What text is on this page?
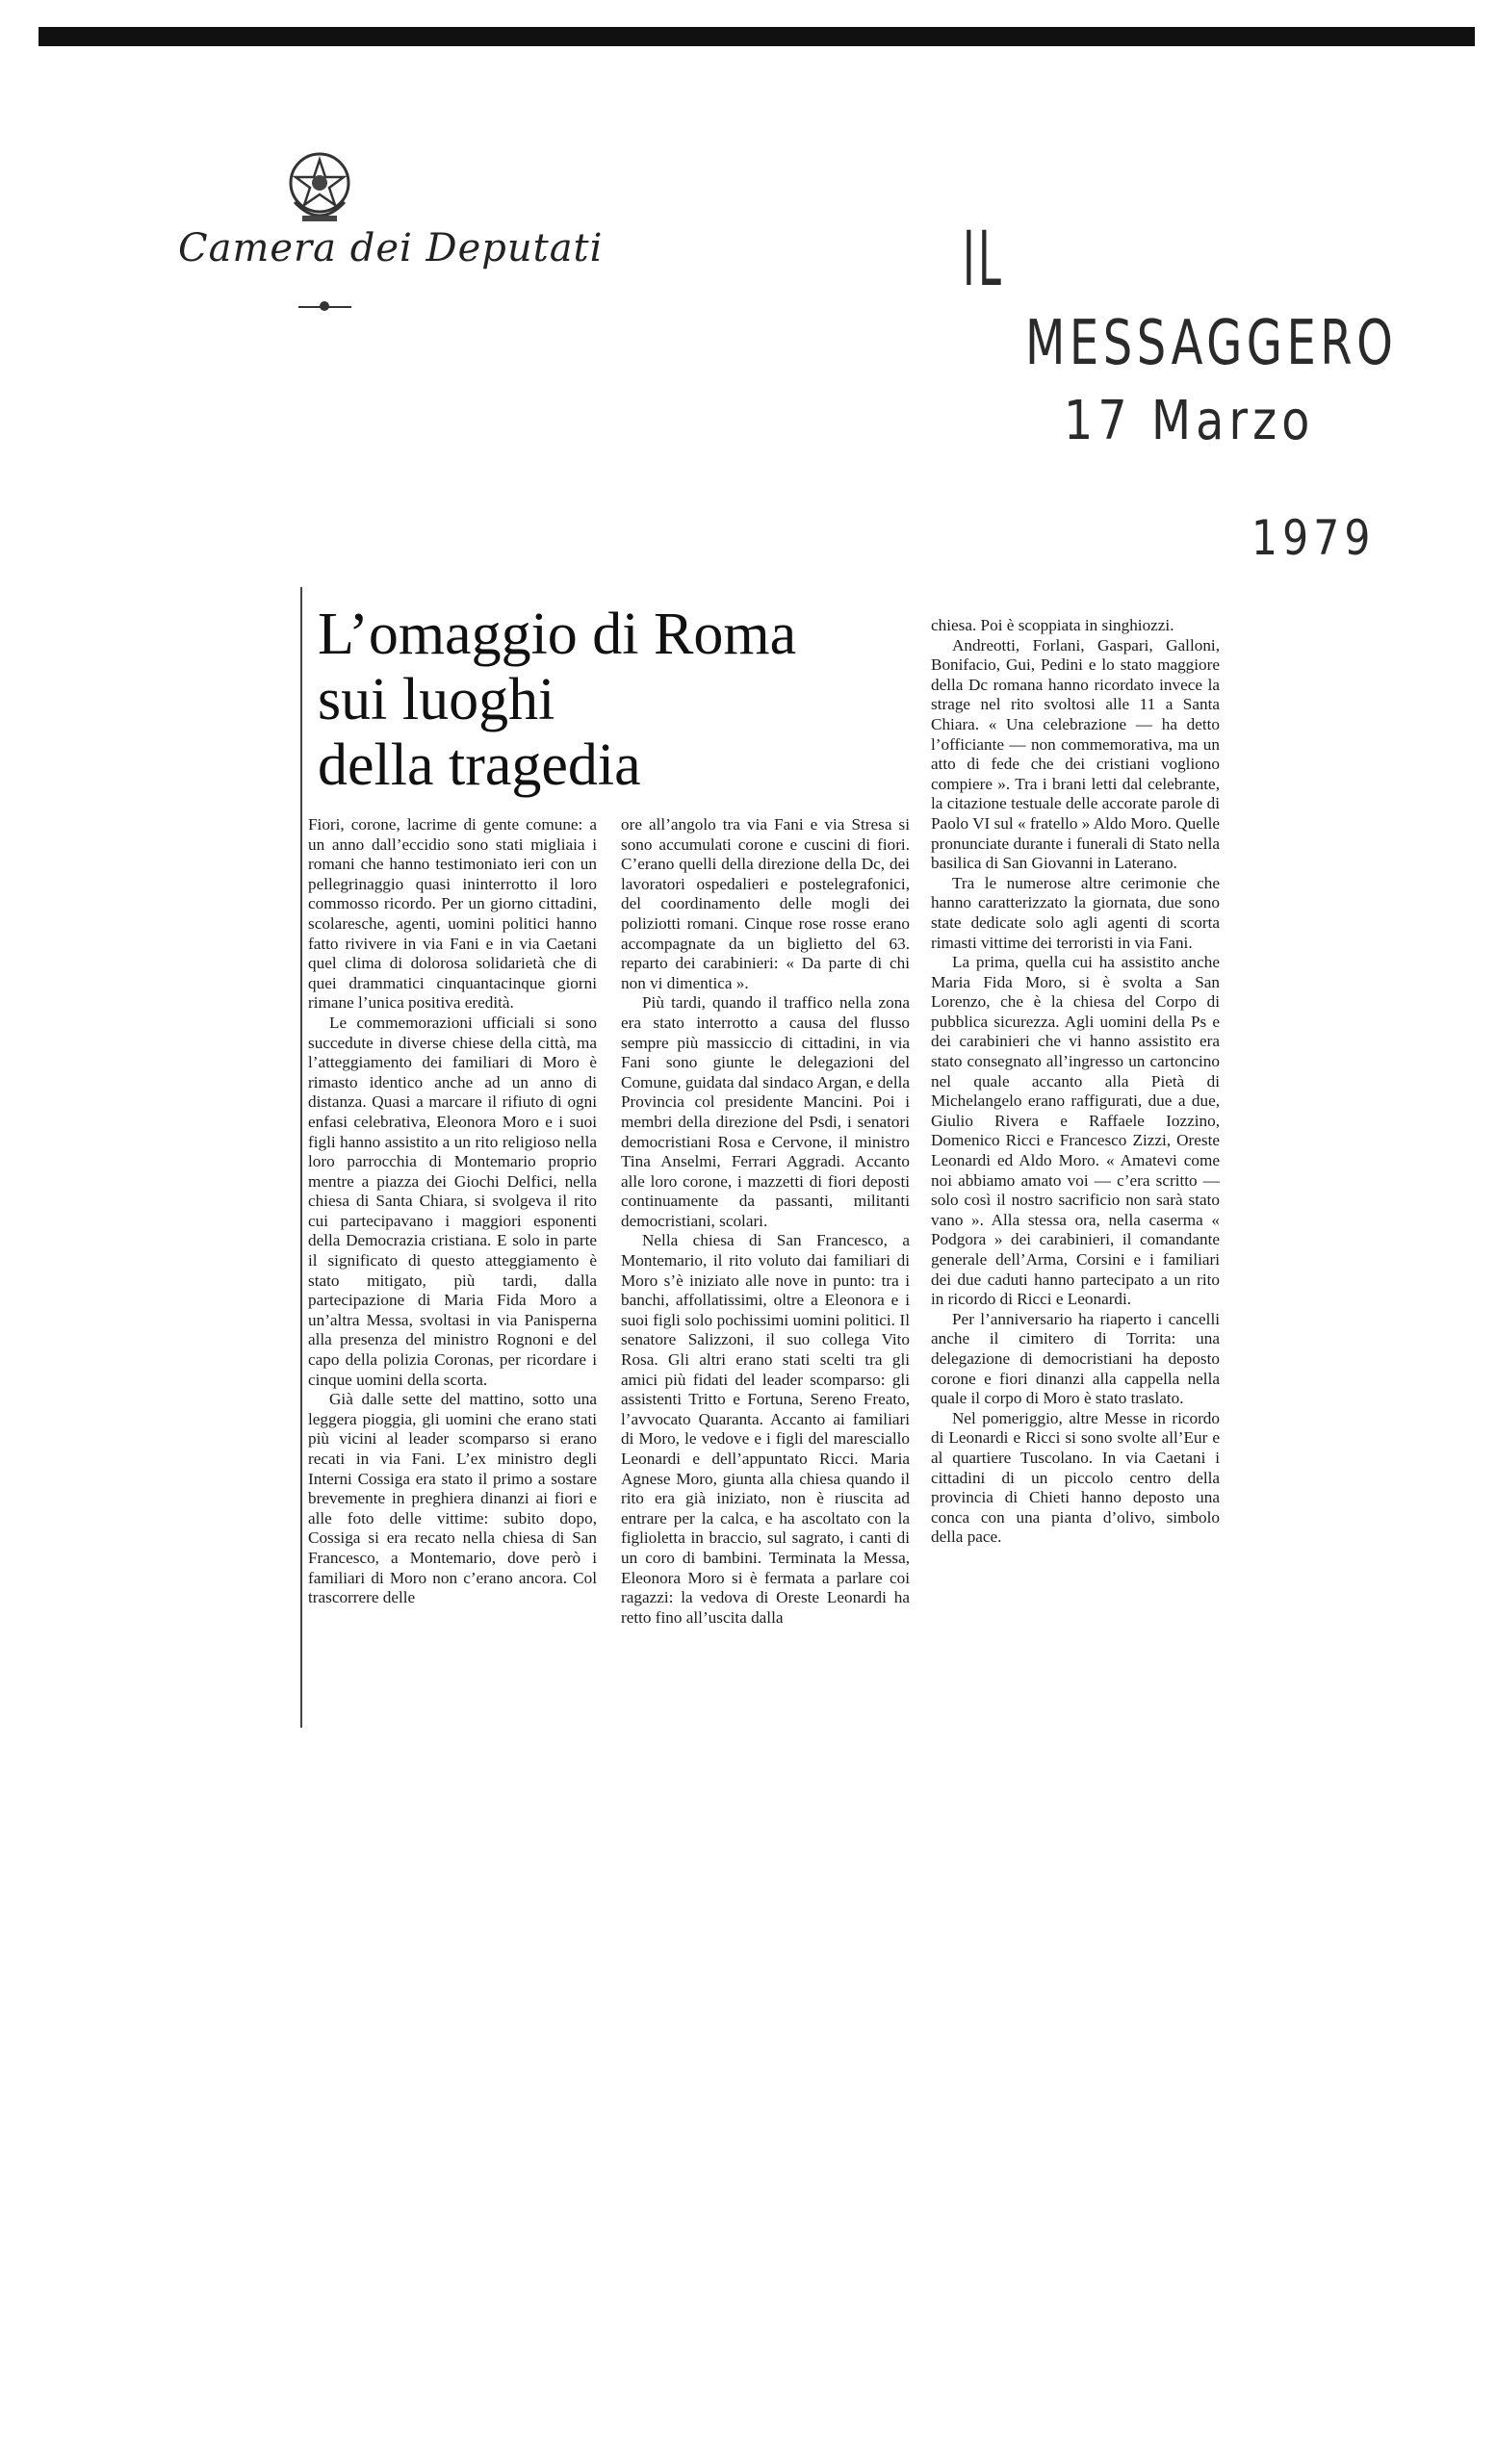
Camera dei Deputati	IL
MESSAGGERO
17 Marzo
1979
L’omaggio di Roma
sui luoghi
della tragedia

Fiori, corone, lacrime di gente comune: a un anno dall’eccidio sono stati migliaia i romani che hanno testimoniato ieri con un pellegrinaggio quasi ininterrotto il loro commosso ricordo. Per un giorno cittadini, scolaresche, agenti, uomini politici hanno fatto rivivere in via Fani e in via Caetani quel clima di dolorosa solidarietà che di quei drammatici cinquantacinque giorni rimane l’unica positiva eredità.

Le commemorazioni ufficiali si sono succedute in diverse chiese della città, ma l’atteggiamento dei familiari di Moro è rimasto identico anche ad un anno di distanza. Quasi a marcare il rifiuto di ogni enfasi celebrativa, Eleonora Moro e i suoi figli hanno assistito a un rito religioso nella loro parrocchia di Montemario proprio mentre a piazza dei Giochi Delfici, nella chiesa di Santa Chiara, si svolgeva il rito cui partecipavano i maggiori esponenti della Democrazia cristiana. E solo in parte il significato di questo atteggiamento è stato mitigato, più tardi, dalla partecipazione di Maria Fida Moro a un’altra Messa, svoltasi in via Panisperna alla presenza del ministro Rognoni e del capo della polizia Coronas, per ricordare i cinque uomini della scorta.

Già dalle sette del mattino, sotto una leggera pioggia, gli uomini che erano stati più vicini al leader scomparso si erano recati in via Fani. L’ex ministro degli Interni Cossiga era stato il primo a sostare brevemente in preghiera dinanzi ai fiori e alle foto delle vittime: subito dopo, Cossiga si era recato nella chiesa di San Francesco, a Montemario, dove però i familiari di Moro non c’erano ancora. Col trascorrere delle

ore all’angolo tra via Fani e via Stresa si sono accumulati corone e cuscini di fiori. C’erano quelli della direzione della Dc, dei lavoratori ospedalieri e postelegrafonici, del coordinamento delle mogli dei poliziotti romani. Cinque rose rosse erano accompagnate da un biglietto del 63. reparto dei carabinieri: « Da parte di chi non vi dimentica ».

Più tardi, quando il traffico nella zona era stato interrotto a causa del flusso sempre più massiccio di cittadini, in via Fani sono giunte le delegazioni del Comune, guidata dal sindaco Argan, e della Provincia col presidente Mancini. Poi i membri della direzione del Psdi, i senatori democristiani Rosa e Cervone, il ministro Tina Anselmi, Ferrari Aggradi. Accanto alle loro corone, i mazzetti di fiori deposti continuamente da passanti, militanti democristiani, scolari.

Nella chiesa di San Francesco, a Montemario, il rito voluto dai familiari di Moro s’è iniziato alle nove in punto: tra i banchi, affollatissimi, oltre a Eleonora e i suoi figli solo pochissimi uomini politici. Il senatore Salizzoni, il suo collega Vito Rosa. Gli altri erano stati scelti tra gli amici più fidati del leader scomparso: gli assistenti Tritto e Fortuna, Sereno Freato, l’avvocato Quaranta. Accanto ai familiari di Moro, le vedove e i figli del maresciallo Leonardi e dell’appuntato Ricci. Maria Agnese Moro, giunta alla chiesa quando il rito era già iniziato, non è riuscita ad entrare per la calca, e ha ascoltato con la figlioletta in braccio, sul sagrato, i canti di un coro di bambini. Terminata la Messa, Eleonora Moro si è fermata a parlare coi ragazzi: la vedova di Oreste Leonardi ha retto fino all’uscita dalla

chiesa. Poi è scoppiata in singhiozzi.

Andreotti, Forlani, Gaspari, Galloni, Bonifacio, Gui, Pedini e lo stato maggiore della Dc romana hanno ricordato invece la strage nel rito svoltosi alle 11 a Santa Chiara. « Una celebrazione — ha detto l’officiante — non commemorativa, ma un atto di fede che dei cristiani vogliono compiere ». Tra i brani letti dal celebrante, la citazione testuale delle accorate parole di Paolo VI sul « fratello » Aldo Moro. Quelle pronunciate durante i funerali di Stato nella basilica di San Giovanni in Laterano.

Tra le numerose altre cerimonie che hanno caratterizzato la giornata, due sono state dedicate solo agli agenti di scorta rimasti vittime dei terroristi in via Fani.

La prima, quella cui ha assistito anche Maria Fida Moro, si è svolta a San Lorenzo, che è la chiesa del Corpo di pubblica sicurezza. Agli uomini della Ps e dei carabinieri che vi hanno assistito era stato consegnato all’ingresso un cartoncino nel quale accanto alla Pietà di Michelangelo erano raffigurati, due a due, Giulio Rivera e Raffaele Iozzino, Domenico Ricci e Francesco Zizzi, Oreste Leonardi ed Aldo Moro. « Amatevi come noi abbiamo amato voi — c’era scritto — solo così il nostro sacrificio non sarà stato vano ». Alla stessa ora, nella caserma « Podgora » dei carabinieri, il comandante generale dell’Arma, Corsini e i familiari dei due caduti hanno partecipato a un rito in ricordo di Ricci e Leonardi.

Per l’anniversario ha riaperto i cancelli anche il cimitero di Torrita: una delegazione di democristiani ha deposto corone e fiori dinanzi alla cappella nella quale il corpo di Moro è stato traslato.

Nel pomeriggio, altre Messe in ricordo di Leonardi e Ricci si sono svolte all’Eur e al quartiere Tuscolano. In via Caetani i cittadini di un piccolo centro della provincia di Chieti hanno deposto una conca con una pianta d’olivo, simbolo della pace.
